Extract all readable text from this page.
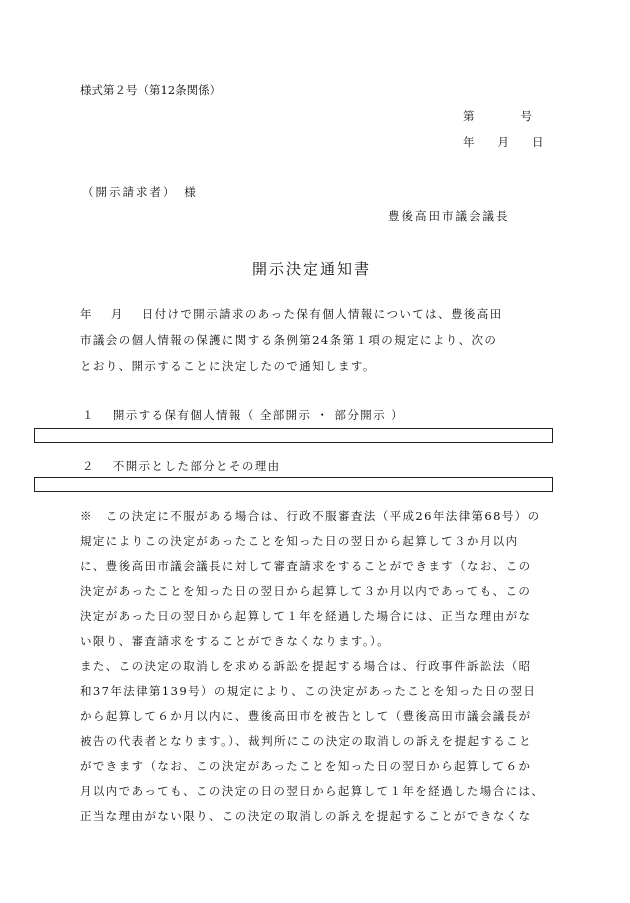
様式第２号（第12条関係）
第　　　　号
年　　月　　日
（開示請求者）　様
豊後高田市議会議長
開示決定通知書
年　 月　 日付けで開示請求のあった保有個人情報については、豊後高田
市議会の個人情報の保護に関する条例第24条第１項の規定により、次の
とおり、開示することに決定したので通知します。
１　 開示する保有個人情報（ 全部開示 ・ 部分開示 ）
２　 不開示とした部分とその理由
※　この決定に不服がある場合は、行政不服審査法（平成26年法律第68号）の
規定によりこの決定があったことを知った日の翌日から起算して３か月以内
に、豊後高田市議会議長に対して審査請求をすることができます（なお、この
決定があったことを知った日の翌日から起算して３か月以内であっても、この
決定があった日の翌日から起算して１年を経過した場合には、正当な理由がな
い限り、審査請求をすることができなくなります。）。
また、この決定の取消しを求める訴訟を提起する場合は、行政事件訴訟法（昭
和37年法律第139号）の規定により、この決定があったことを知った日の翌日
から起算して６か月以内に、豊後高田市を被告として（豊後高田市議会議長が
被告の代表者となります。）、裁判所にこの決定の取消しの訴えを提起すること
ができます（なお、この決定があったことを知った日の翌日から起算して６か
月以内であっても、この決定の日の翌日から起算して１年を経過した場合には、
正当な理由がない限り、この決定の取消しの訴えを提起することができなくな
